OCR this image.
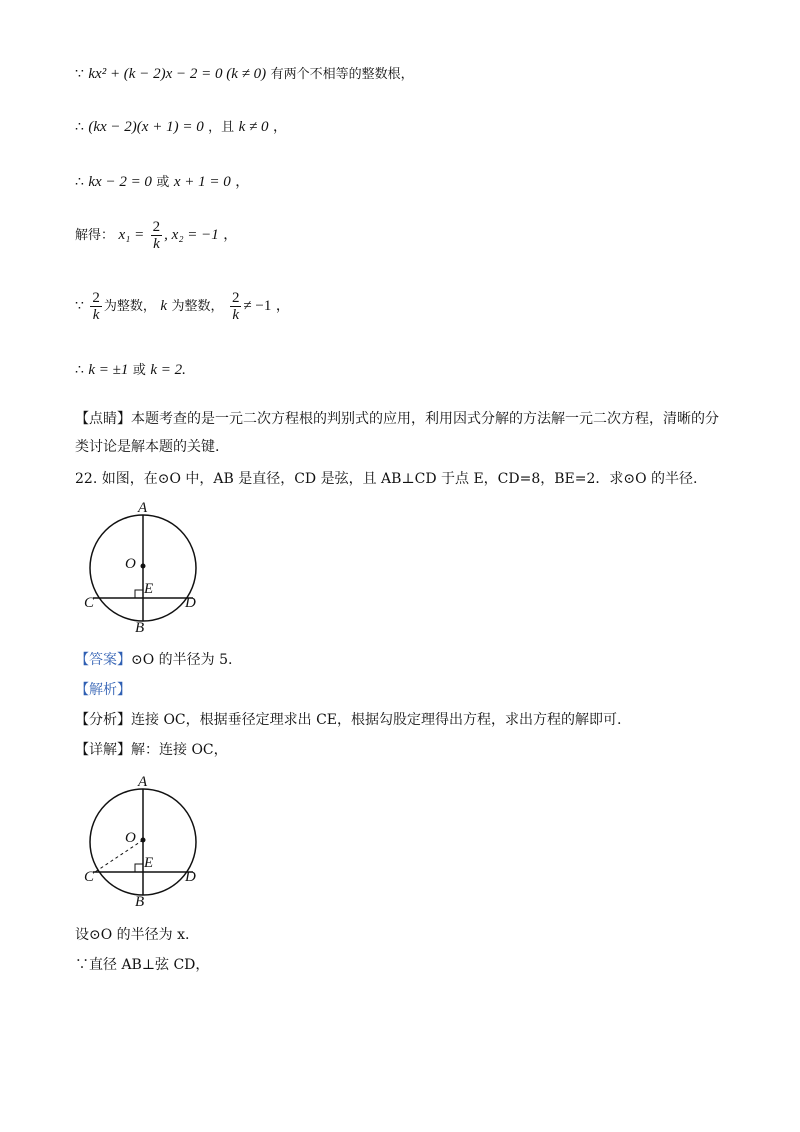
∵ kx² + (k − 2)x − 2 = 0 (k ≠ 0) 有两个不相等的整数根，
∴ (kx − 2)(x + 1) = 0 ，且 k ≠ 0 ，
∴ kx − 2 = 0 或 x + 1 = 0 ，
解得： $x_1 = \frac{2}{k}$ , x₂ = −1 ，
∵ $\frac{2}{k}$ 为整数， k 为整数， $\frac{2}{k} \ne -1$ ，
∴ k = ±1 或 k = 2.
【点睛】本题考查的是一元二次方程根的判别式的应用，利用因式分解的方法解一元二次方程，清晰的分
类讨论是解本题的关键.
22. 如图，在⊙O 中，AB 是直径，CD 是弦，且 AB⊥CD 于点 E，CD=8，BE=2．求⊙O 的半径.
A
O
E
C	D
B
【答案】⊙O 的半径为 5.
【解析】
【分析】连接 OC，根据垂径定理求出 CE，根据勾股定理得出方程，求出方程的解即可.
【详解】解：连接 OC，
A
O
E
C	D
B
设⊙O 的半径为 x.
∵直径 AB⊥弦 CD，
